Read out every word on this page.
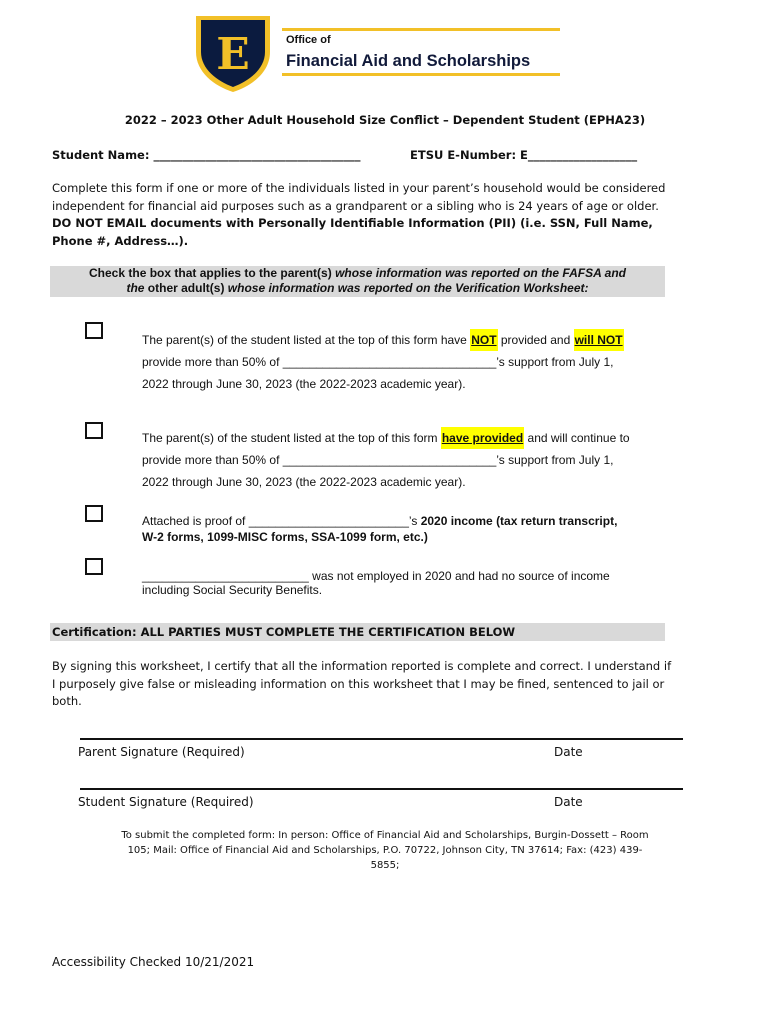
E	Office of
Financial Aid and Scholarships
2022 – 2023 Other Adult Household Size Conflict – Dependent Student (EPHA23)
Student Name: ____________________________________	ETSU E-Number: E___________________
Complete this form if one or more of the individuals listed in your parent’s household would be considered independent for financial aid purposes such as a grandparent or a sibling who is 24 years of age or older. DO NOT EMAIL documents with Personally Identifiable Information (PII) (i.e. SSN, Full Name, Phone #, Address…).
Check the box that applies to the parent(s) whose information was reported on the FAFSA and
the other adult(s) whose information was reported on the Verification Worksheet:
The parent(s) of the student listed at the top of this form have NOT provided and will NOT
provide more than 50% of ________________________________’s support from July 1,
2022 through June 30, 2023 (the 2022-2023 academic year).
The parent(s) of the student listed at the top of this form have provided and will continue to
provide more than 50% of ________________________________’s support from July 1,
2022 through June 30, 2023 (the 2022-2023 academic year).
Attached is proof of ________________________’s 2020 income (tax return transcript,
W-2 forms, 1099-MISC forms, SSA-1099 form, etc.)
_________________________ was not employed in 2020 and had no source of income
including Social Security Benefits.
Certification: ALL PARTIES MUST COMPLETE THE CERTIFICATION BELOW
By signing this worksheet, I certify that all the information reported is complete and correct. I understand if I purposely give false or misleading information on this worksheet that I may be fined, sentenced to jail or both.
Parent Signature (Required)	Date
Student Signature (Required)	Date
To submit the completed form: In person: Office of Financial Aid and Scholarships, Burgin-Dossett – Room 105; Mail: Office of Financial Aid and Scholarships, P.O. 70722, Johnson City, TN 37614; Fax: (423) 439-5855;
Accessibility Checked 10/21/2021
